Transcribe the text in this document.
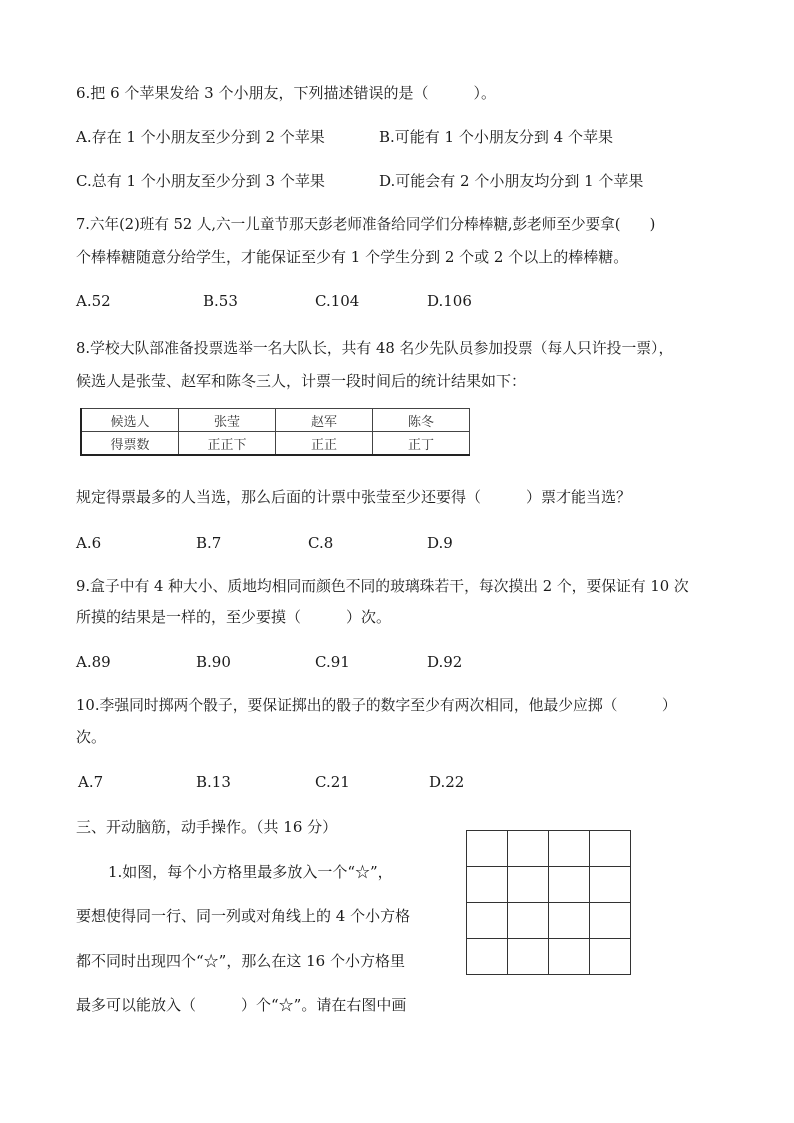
6.把 6 个苹果发给 3 个小朋友，下列描述错误的是（　　　）。
A.存在 1 个小朋友至少分到 2 个苹果	B.可能有 1 个小朋友分到 4 个苹果
C.总有 1 个小朋友至少分到 3 个苹果	D.可能会有 2 个小朋友均分到 1 个苹果
7.六年(2)班有 52 人,六一儿童节那天彭老师准备给同学们分棒棒糖,彭老师至少要拿(　　)
个棒棒糖随意分给学生，才能保证至少有 1 个学生分到 2 个或 2 个以上的棒棒糖。
A.52	B.53	C.104	D.106
8.学校大队部准备投票选举一名大队长，共有 48 名少先队员参加投票（每人只许投一票），
候选人是张莹、赵军和陈冬三人，计票一段时间后的统计结果如下：
候选人	张莹	赵军	陈冬
得票数	正正下	正正	正丁
规定得票最多的人当选，那么后面的计票中张莹至少还要得（　　　）票才能当选？
A.6	B.7	C.8	D.9
9.盒子中有 4 种大小、质地均相同而颜色不同的玻璃珠若干，每次摸出 2 个，要保证有 10 次
所摸的结果是一样的，至少要摸（　　　）次。
A.89	B.90	C.91	D.92
10.李强同时掷两个骰子，要保证掷出的骰子的数字至少有两次相同，他最少应掷（　　　）
次。
A.7	B.13	C.21	D.22
三、开动脑筋，动手操作。（共 16 分）
1.如图，每个小方格里最多放入一个“☆”，
要想使得同一行、同一列或对角线上的 4 个小方格
都不同时出现四个“☆”，那么在这 16 个小方格里
最多可以能放入（　　　）个“☆”。请在右图中画
